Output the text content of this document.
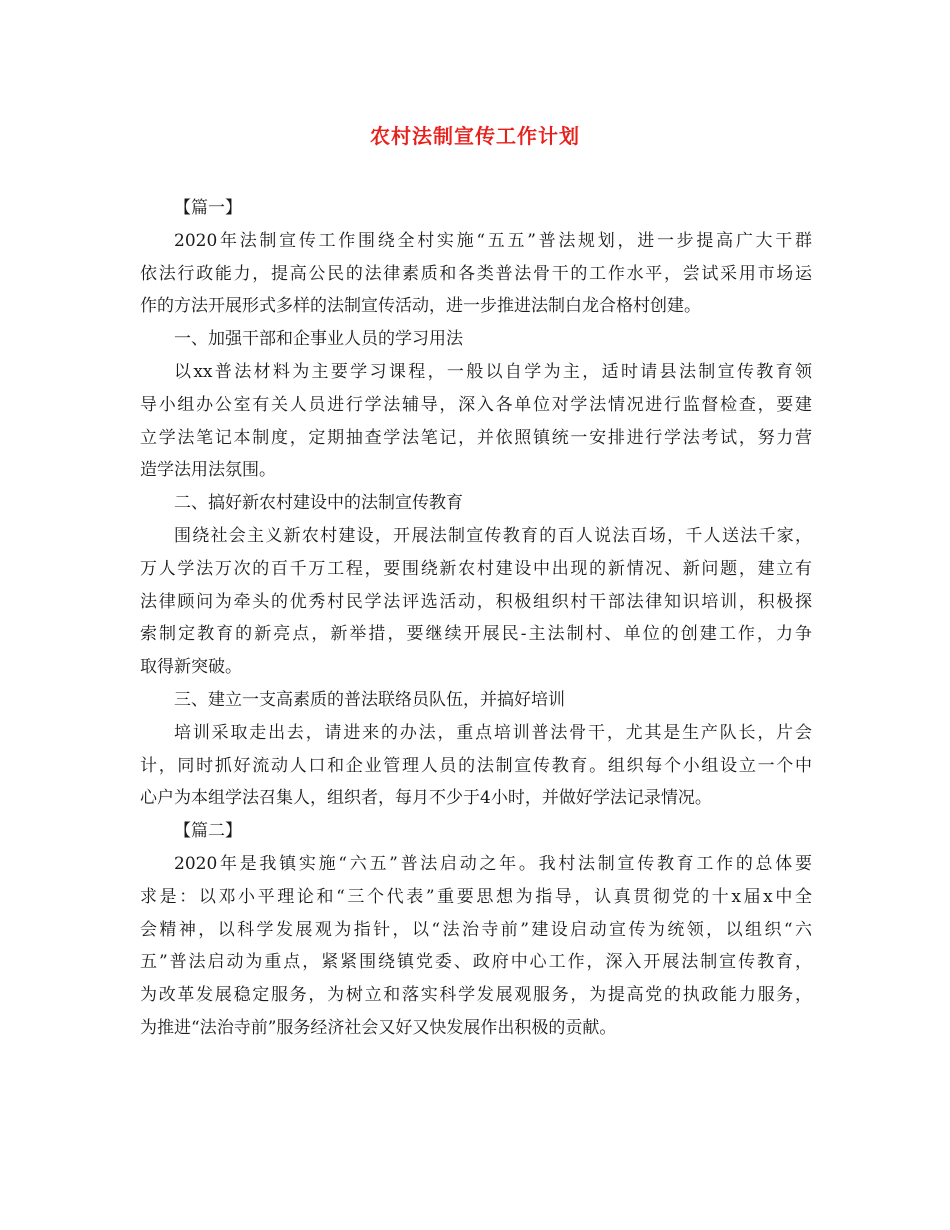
农村法制宣传工作计划
【篇一】
2020年法制宣传工作围绕全村实施“五五”普法规划，进一步提高广大干群
依法行政能力，提高公民的法律素质和各类普法骨干的工作水平，尝试采用市场运
作的方法开展形式多样的法制宣传活动，进一步推进法制白龙合格村创建。
一、加强干部和企事业人员的学习用法
以xx普法材料为主要学习课程，一般以自学为主，适时请县法制宣传教育领
导小组办公室有关人员进行学法辅导，深入各单位对学法情况进行监督检查，要建
立学法笔记本制度，定期抽查学法笔记，并依照镇统一安排进行学法考试，努力营
造学法用法氛围。
二、搞好新农村建设中的法制宣传教育
围绕社会主义新农村建设，开展法制宣传教育的百人说法百场，千人送法千家，
万人学法万次的百千万工程，要围绕新农村建设中出现的新情况、新问题，建立有
法律顾问为牵头的优秀村民学法评选活动，积极组织村干部法律知识培训，积极探
索制定教育的新亮点，新举措，要继续开展民-主法制村、单位的创建工作，力争
取得新突破。
三、建立一支高素质的普法联络员队伍，并搞好培训
培训采取走出去，请进来的办法，重点培训普法骨干，尤其是生产队长，片会
计，同时抓好流动人口和企业管理人员的法制宣传教育。组织每个小组设立一个中
心户为本组学法召集人，组织者，每月不少于4小时，并做好学法记录情况。
【篇二】
2020年是我镇实施“六五”普法启动之年。我村法制宣传教育工作的总体要
求是：以邓小平理论和“三个代表”重要思想为指导，认真贯彻党的十x届x中全
会精神，以科学发展观为指针，以“法治寺前”建设启动宣传为统领，以组织“六
五”普法启动为重点，紧紧围绕镇党委、政府中心工作，深入开展法制宣传教育，
为改革发展稳定服务，为树立和落实科学发展观服务，为提高党的执政能力服务，
为推进“法治寺前”服务经济社会又好又快发展作出积极的贡献。
